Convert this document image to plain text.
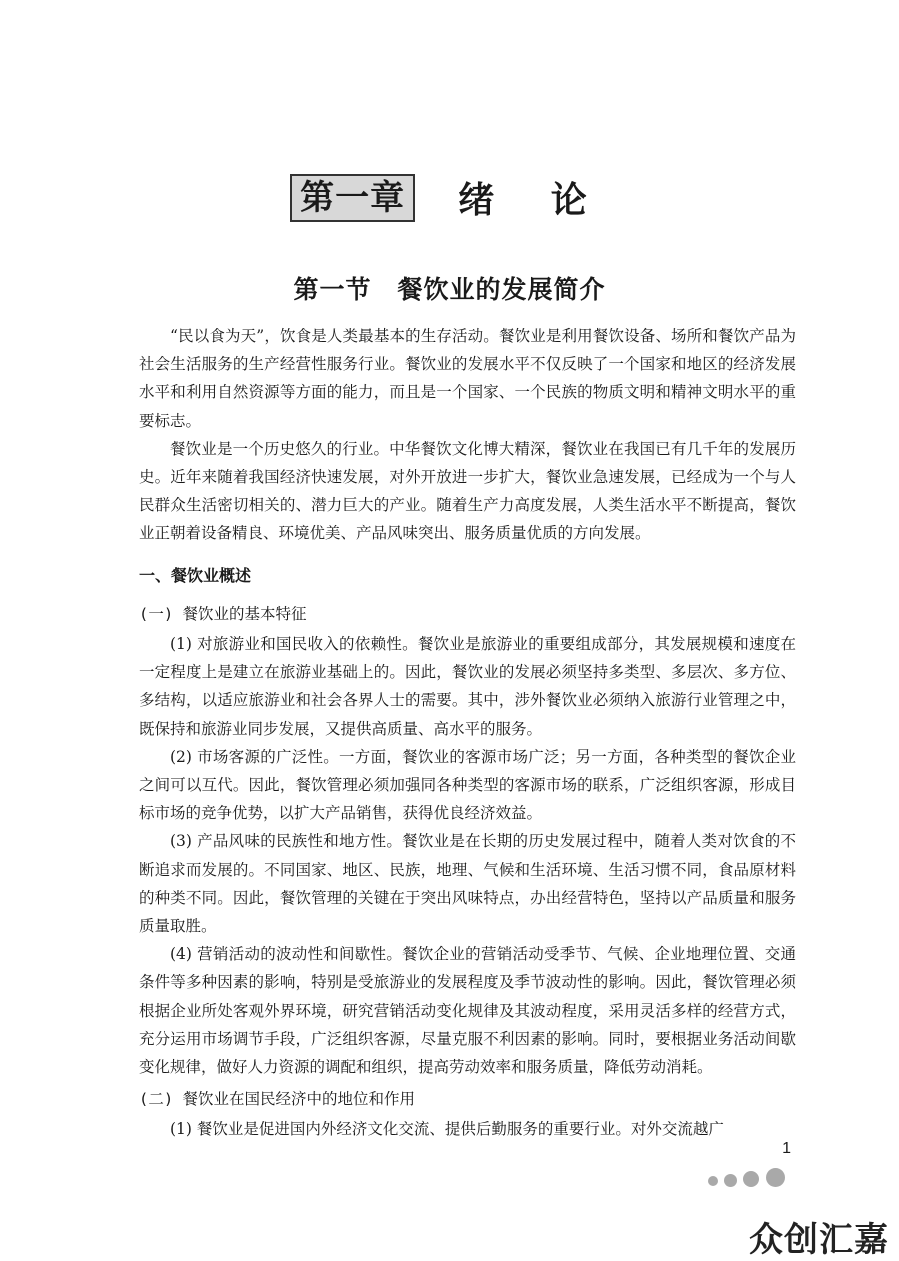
第一章 绪 论
第一节　餐饮业的发展简介

“民以食为天”，饮食是人类最基本的生存活动。餐饮业是利用餐饮设备、场所和餐饮产品为社会生活服务的生产经营性服务行业。餐饮业的发展水平不仅反映了一个国家和地区的经济发展水平和利用自然资源等方面的能力，而且是一个国家、一个民族的物质文明和精神文明水平的重要标志。

餐饮业是一个历史悠久的行业。中华餐饮文化博大精深，餐饮业在我国已有几千年的发展历史。近年来随着我国经济快速发展，对外开放进一步扩大，餐饮业急速发展，已经成为一个与人民群众生活密切相关的、潜力巨大的产业。随着生产力高度发展，人类生活水平不断提高，餐饮业正朝着设备精良、环境优美、产品风味突出、服务质量优质的方向发展。

一、餐饮业概述

(一) 餐饮业的基本特征

(1) 对旅游业和国民收入的依赖性。餐饮业是旅游业的重要组成部分，其发展规模和速度在一定程度上是建立在旅游业基础上的。因此，餐饮业的发展必须坚持多类型、多层次、多方位、多结构，以适应旅游业和社会各界人士的需要。其中，涉外餐饮业必须纳入旅游行业管理之中，既保持和旅游业同步发展，又提供高质量、高水平的服务。

(2) 市场客源的广泛性。一方面，餐饮业的客源市场广泛；另一方面，各种类型的餐饮企业之间可以互代。因此，餐饮管理必须加强同各种类型的客源市场的联系，广泛组织客源，形成目标市场的竞争优势，以扩大产品销售，获得优良经济效益。

(3) 产品风味的民族性和地方性。餐饮业是在长期的历史发展过程中，随着人类对饮食的不断追求而发展的。不同国家、地区、民族，地理、气候和生活环境、生活习惯不同，食品原材料的种类不同。因此，餐饮管理的关键在于突出风味特点，办出经营特色，坚持以产品质量和服务质量取胜。

(4) 营销活动的波动性和间歇性。餐饮企业的营销活动受季节、气候、企业地理位置、交通条件等多种因素的影响，特别是受旅游业的发展程度及季节波动性的影响。因此，餐饮管理必须根据企业所处客观外界环境，研究营销活动变化规律及其波动程度，采用灵活多样的经营方式，充分运用市场调节手段，广泛组织客源，尽量克服不利因素的影响。同时，要根据业务活动间歇变化规律，做好人力资源的调配和组织，提高劳动效率和服务质量，降低劳动消耗。

(二) 餐饮业在国民经济中的地位和作用

(1) 餐饮业是促进国内外经济文化交流、提供后勤服务的重要行业。对外交流越广

1
众创汇嘉
